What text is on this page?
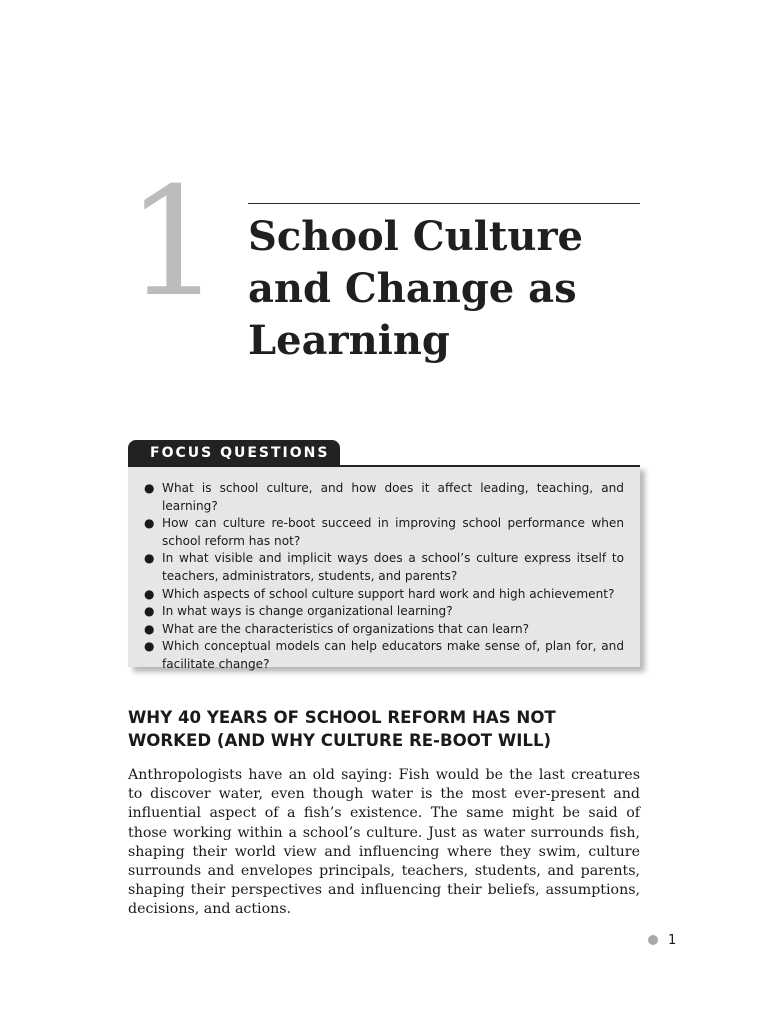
1 School Culture and Change as Learning
FOCUS QUESTIONS
● What is school culture, and how does it affect leading, teaching, and learning?
● How can culture re-boot succeed in improving school performance when school reform has not?
● In what visible and implicit ways does a school’s culture express itself to teachers, administrators, students, and parents?
● Which aspects of school culture support hard work and high achievement?
● In what ways is change organizational learning?
● What are the characteristics of organizations that can learn?
● Which conceptual models can help educators make sense of, plan for, and facilitate change?
WHY 40 YEARS OF SCHOOL REFORM HAS NOT WORKED (AND WHY CULTURE RE-BOOT WILL)

Anthropologists have an old saying: Fish would be the last creatures to discover water, even though water is the most ever-present and influential aspect of a fish’s existence. The same might be said of those working within a school’s culture. Just as water surrounds fish, shaping their world view and influencing where they swim, culture surrounds and envelopes principals, teachers, students, and parents, shaping their perspectives and influencing their beliefs, assumptions, decisions, and actions.

1
